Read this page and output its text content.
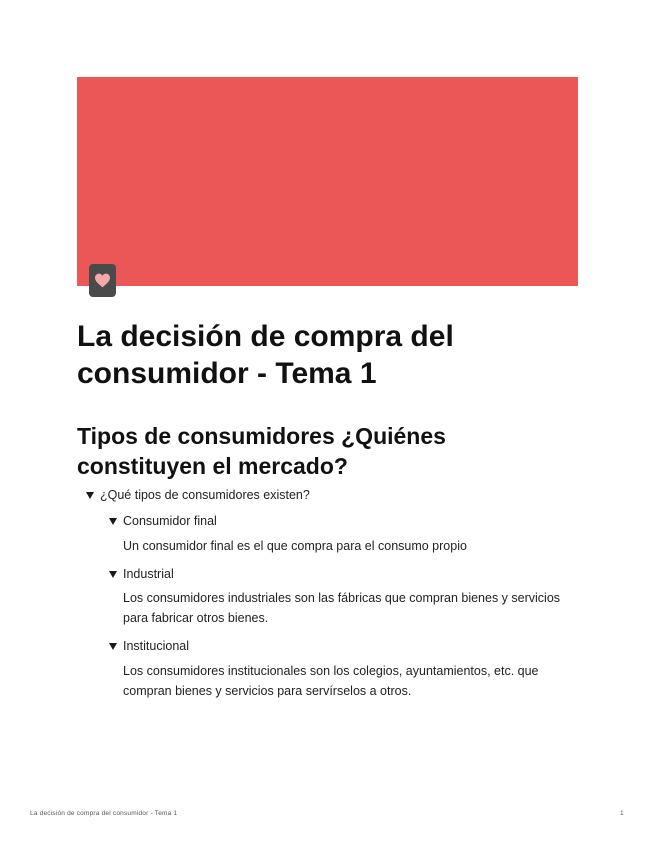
La decisión de compra del consumidor - Tema 1
Tipos de consumidores ¿Quiénes constituyen el mercado?
¿Qué tipos de consumidores existen?
Consumidor final

Un consumidor final es el que compra para el consumo propio

Industrial

Los consumidores industriales son las fábricas que compran bienes y servicios para fabricar otros bienes.

Institucional

Los consumidores institucionales son los colegios, ayuntamientos, etc. que compran bienes y servicios para servírselos a otros.

La decisión de compra del consumidor - Tema 1	1
